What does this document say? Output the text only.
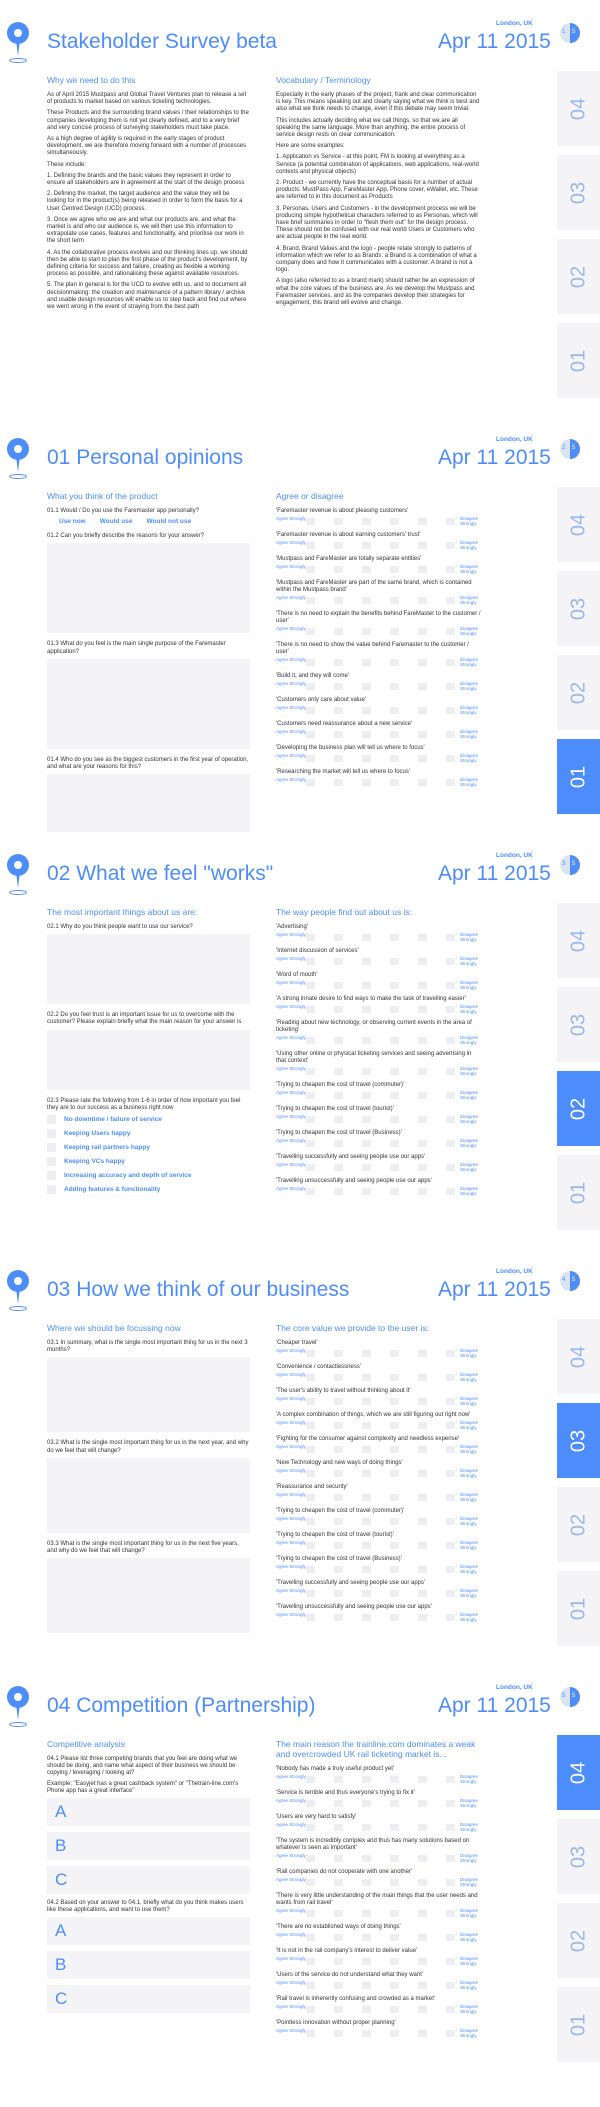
Stakeholder Survey beta	Apr 11 2015
London, UK
1 5
04
03
02
01
Why we need to do this
As of April 2015 Mustpass and Global Travel Ventures plan to release a set of products to market based on various ticketing technologies.
These Products and the surrounding brand values / their relationships to the companies developing them is not yet clearly defined, and to a very brief and very concise process of surveying stakeholders must take place.
As a high degree of agility is required in the early stages of product development, we are therefore moving forward with a number of processes simultaneously.
These include:
1. Defining the brands and the basic values they represent in order to ensure all stakeholders are in agreement at the start of the design process
2. Defining the market, the target audience and the value they will be looking for in the product(s) being released in order to form the basis for a User Centred Design (UCD) process.
3. Once we agree who we are and what our products are, and what the market is and who our audience is, we will then use this information to extrapolate use cases, features and functionality, and prioritise our work in the short term
4. As the collaborative process evolves and our thinking lines up, we should then be able to start to plan the first phase of the product's development, by defining criteria for success and failure, creating as flexible a working process as possible, and rationalising these against available resources.
5. The plan in general is for the UCD to evolve with us, and to document all decisionmaking: the creation and maintenance of a pattern library / archive and usable design resources will enable us to step back and find out where we went wrong in the event of straying from the best path
Vocabulary / Terminology
Especially in the early phases of the project, frank and clear communication is key. This means speaking out and clearly saying what we think is best and also what we think needs to change, even if this debate may seem trivial.
This includes actually deciding what we call things, so that we are all speaking the same language. More than anything, the entire process of service design rests on clear communication.
Here are some examples:
1. Application vs Service - at this point, FM is looking at everything as a Service (a potential combination of applications, web applications, real-world contexts and physical objects)
2. Product - we currently have the conceptual basis for a number of actual products: MustPass App, FareMaster App, Phone cover, eWallet, etc. These are referred to in this document as Products
3. Personas, Users and Customers - in the development process we will be producing simple hypothetical characters referred to as Personas, which will have brief summaries in order to "flesh them out" for the design process. These should not be confused with our real world Users or Customers who are actual people in the real world.
4. Brand, Brand Values and the logo - people relate strongly to patterns of information which we refer to as Brands: a Brand is a combination of what a company does and how it communicates with a customer. A brand is not a logo.
A logo (also referred to as a brand mark) should rather be an expression of what the core values of the business are. As we develop the Mustpass and Faremaster services, and as the companies develop their strategies for engagement, this brand will evolve and change.
01 Personal opinions	Apr 11 2015
London, UK
2 5
04
03
02
01
What you think of the product
01.1 Would / Do you use the Faremaster app personally?
Use now Would use Would not use
01.2 Can you briefly describe the reasons for your answer?
01.3 What do you feel is the main single purpose of the Faremaster application?
01.4 Who do you see as the biggest customers in the first year of operation, and what are your reasons for this?
Agree or disagree
'Faremaster revenue is about pleasing customers'
Agree Strongly	Disagree Strongly
'Faremaster revenue is about earning customers' trust'
Agree Strongly	Disagree Strongly
'Mustpass and FareMaster are totally separate entities'
Agree Strongly	Disagree Strongly
'Mustpass and FareMaster are part of the same brand, which is contained within the Mustpass brand'
Agree Strongly	Disagree Strongly
'There is no need to explain the benefits behind FareMaster to the customer / user'
Agree Strongly	Disagree Strongly
'There is no need to show the value behind Faremaster to the customer / user'
Agree Strongly	Disagree Strongly
'Build it, and they will come'
Agree Strongly	Disagree Strongly
'Customers only care about value'
Agree Strongly	Disagree Strongly
'Customers need reassurance about a new service'
Agree Strongly	Disagree Strongly
'Developing the business plan will tell us where to focus'
Agree Strongly	Disagree Strongly
'Researching the market will tell us where to focus'
Agree Strongly	Disagree Strongly
02 What we feel "works"	Apr 11 2015
London, UK
3 5
04
03
02
01
The most important things about us are:
02.1 Why do you think people want to use our service?
02.2 Do you feel trust is an important issue for us to overcome with the customer? Please explain briefly what the main reason for your answer is
02.3 Please rate the following from 1-6 in order of how important you feel they are to our success as a business right now
No downtime / failure of service
Keeping Users happy
Keeping rail partners happy
Keeping VCs happy
Increasing accuracy and depth of service
Adding features & functionality
The way people find out about us is:
'Advertising'
Agree Strongly	Disagree Strongly
'Internet discussion of services'
Agree Strongly	Disagree Strongly
'Word of mouth'
Agree Strongly	Disagree Strongly
'A strong innate desire to find ways to make the task of travelling easier'
Agree Strongly	Disagree Strongly
'Reading about new technology, or observing current events in the area of ticketing'
Agree Strongly	Disagree Strongly
'Using other online or physical ticketing services and seeing advertising in that context'
Agree Strongly	Disagree Strongly
'Trying to cheapen the cost of travel (commuter)'
Agree Strongly	Disagree Strongly
'Trying to cheapen the cost of travel (tourist)'
Agree Strongly	Disagree Strongly
'Trying to cheapen the cost of travel (Business)'
Agree Strongly	Disagree Strongly
'Travelling successfully and seeing people use our apps'
Agree Strongly	Disagree Strongly
'Travelling unsuccessfully and seeing people use our apps'
Agree Strongly	Disagree Strongly
03 How we think of our business	Apr 11 2015
London, UK
4 5
04
03
02
01
Where we should be focussing now
03.1 In summary, what is the single most important thing for us in the next 3 months?
03.2 What is the single most important thing for us in the next year, and why do we feel that will change?
03.3 What is the single most important thing for us in the next five years, and why do we feel that will change?
The core value we provide to the user is:
'Cheaper travel'
Agree Strongly	Disagree Strongly
'Convenience / contactlessness'
Agree Strongly	Disagree Strongly
'The user's ability to travel without thinking about it'
Agree Strongly	Disagree Strongly
'A complex combination of things, which we are still figuring out right now'
Agree Strongly	Disagree Strongly
'Fighting for the consumer against complexity and needless expense'
Agree Strongly	Disagree Strongly
'New Technology and new ways of doing things'
Agree Strongly	Disagree Strongly
'Reassurance and security'
Agree Strongly	Disagree Strongly
'Trying to cheapen the cost of travel (commuter)'
Agree Strongly	Disagree Strongly
'Trying to cheapen the cost of travel (tourist)'
Agree Strongly	Disagree Strongly
'Trying to cheapen the cost of travel (Business)'
Agree Strongly	Disagree Strongly
'Travelling successfully and seeing people use our apps'
Agree Strongly	Disagree Strongly
'Travelling unsuccessfully and seeing people use our apps'
Agree Strongly	Disagree Strongly
04 Competition (Partnership)	Apr 11 2015
London, UK
5 5
04
03
02
01
Competitive analysis
04.1 Please list three competing brands that you feel are doing what we should be doing, and name what aspect of their business we should be copying / leveraging / looking at?
Example: "Easyjet has a great cashback system" or "Thetrain-line.com's Phone app has a great interface"
A
B
C
04.2 Based on your answer to 04.1, briefly what do you think makes users like these applications, and want to use them?
A
B
C
The main reason the trainline.com dominates a weak and overcrowded UK rail ticketing market is...
'Nobody has made a truly useful product yet'
Agree Strongly	Disagree Strongly
'Service is terrible and thus everyone's trying to fix it'
Agree Strongly	Disagree Strongly
'Users are very hard to satisfy'
Agree Strongly	Disagree Strongly
'The system is incredibly complex and thus has many solutions based on whatever is seen as important'
Agree Strongly	Disagree Strongly
'Rail companies do not cooperate with one another'
Agree Strongly	Disagree Strongly
'There is very little understanding of the main things that the user needs and wants from rail travel'
Agree Strongly	Disagree Strongly
'There are no established ways of doing things'
Agree Strongly	Disagree Strongly
'It is not in the rail company's interest to deliver value'
Agree Strongly	Disagree Strongly
'Users of the service do not understand what they want'
Agree Strongly	Disagree Strongly
'Rail travel is inherently confusing and crowded as a market'
Agree Strongly	Disagree Strongly
'Pointless innovation without proper planning'
Agree Strongly	Disagree Strongly
